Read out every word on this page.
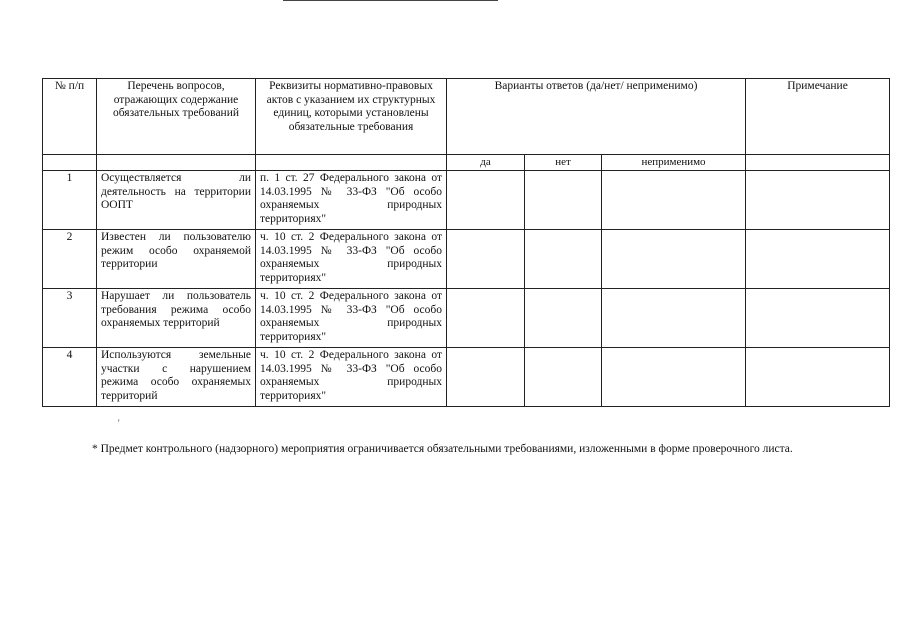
№ п/п	Перечень вопросов, отражающих содержание обязательных требований	Реквизиты нормативно-правовых актов с указанием их структурных единиц, которыми установлены обязательные требования	Варианты ответов (да/нет/ неприменимо)			Примечание
			да	нет	неприменимо	
1	Осуществляется ли деятельность на территории ООПТ	п. 1 ст. 27 Федерального закона от 14.03.1995 № 33-ФЗ "Об особо охраняемых природных территориях"				
2	Известен ли пользователю режим особо охраняемой территории	ч. 10 ст. 2 Федерального закона от 14.03.1995 № 33-ФЗ "Об особо охраняемых природных территориях"				
3	Нарушает ли пользователь требования режима особо охраняемых территорий	ч. 10 ст. 2 Федерального закона от 14.03.1995 № 33-ФЗ "Об особо охраняемых природных территориях"				
4	Используются земельные участки с нарушением режима особо охраняемых территорий	ч. 10 ст. 2 Федерального закона от 14.03.1995 № 33-ФЗ "Об особо охраняемых природных территориях"				
'
* Предмет контрольного (надзорного) мероприятия ограничивается обязательными требованиями, изложенными в форме проверочного листа.
